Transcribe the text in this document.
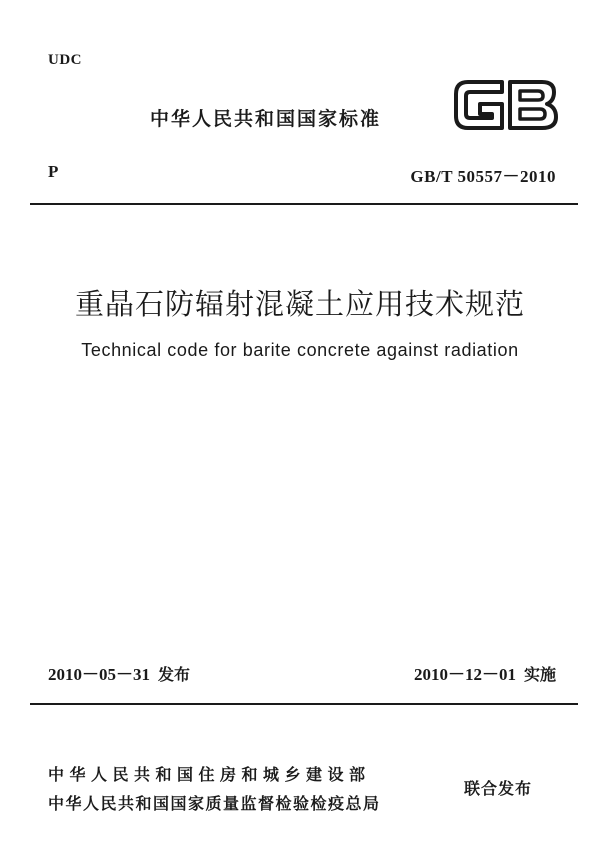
UDC
中华人民共和国国家标准
P	GB/T 50557－2010
重晶石防辐射混凝土应用技术规范
Technical code for barite concrete against radiation
2010－05－31 发布	2010－12－01 实施
中华人民共和国住房和城乡建设部
中华人民共和国国家质量监督检验检疫总局
联合发布
